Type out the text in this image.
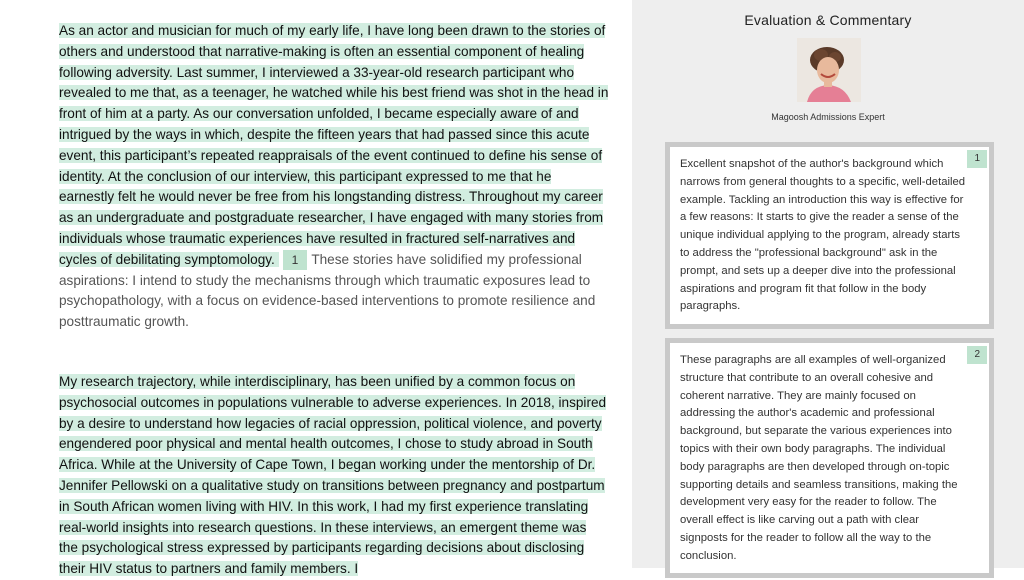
As an actor and musician for much of my early life, I have long been drawn to the stories of others and understood that narrative-making is often an essential component of healing following adversity. Last summer, I interviewed a 33-year-old research participant who revealed to me that, as a teenager, he watched while his best friend was shot in the head in front of him at a party. As our conversation unfolded, I became especially aware of and intrigued by the ways in which, despite the fifteen years that had passed since this acute event, this participant’s repeated reappraisals of the event continued to define his sense of identity. At the conclusion of our interview, this participant expressed to me that he earnestly felt he would never be free from his longstanding distress. Throughout my career as an undergraduate and postgraduate researcher, I have engaged with many stories from individuals whose traumatic experiences have resulted in fractured self-narratives and cycles of debilitating symptomology. 1 These stories have solidified my professional aspirations: I intend to study the mechanisms through which traumatic exposures lead to psychopathology, with a focus on evidence-based interventions to promote resilience and posttraumatic growth.
My research trajectory, while interdisciplinary, has been unified by a common focus on psychosocial outcomes in populations vulnerable to adverse experiences. In 2018, inspired by a desire to understand how legacies of racial oppression, political violence, and poverty engendered poor physical and mental health outcomes, I chose to study abroad in South Africa. While at the University of Cape Town, I began working under the mentorship of Dr. Jennifer Pellowski on a qualitative study on transitions between pregnancy and postpartum in South African women living with HIV. In this work, I had my first experience translating real-world insights into research questions. In these interviews, an emergent theme was the psychological stress expressed by participants regarding decisions about disclosing their HIV status to partners and family members. I
Evaluation & Commentary
Magoosh Admissions Expert
1
Excellent snapshot of the author's background which narrows from general thoughts to a specific, well-detailed example. Tackling an introduction this way is effective for a few reasons: It starts to give the reader a sense of the unique individual applying to the program, already starts to address the "professional background" ask in the prompt, and sets up a deeper dive into the professional aspirations and program fit that follow in the body paragraphs.
2
These paragraphs are all examples of well-organized structure that contribute to an overall cohesive and coherent narrative. They are mainly focused on addressing the author's academic and professional background, but separate the various experiences into topics with their own body paragraphs. The individual body paragraphs are then developed through on-topic supporting details and seamless transitions, making the development very easy for the reader to follow. The overall effect is like carving out a path with clear signposts for the reader to follow all the way to the conclusion.
